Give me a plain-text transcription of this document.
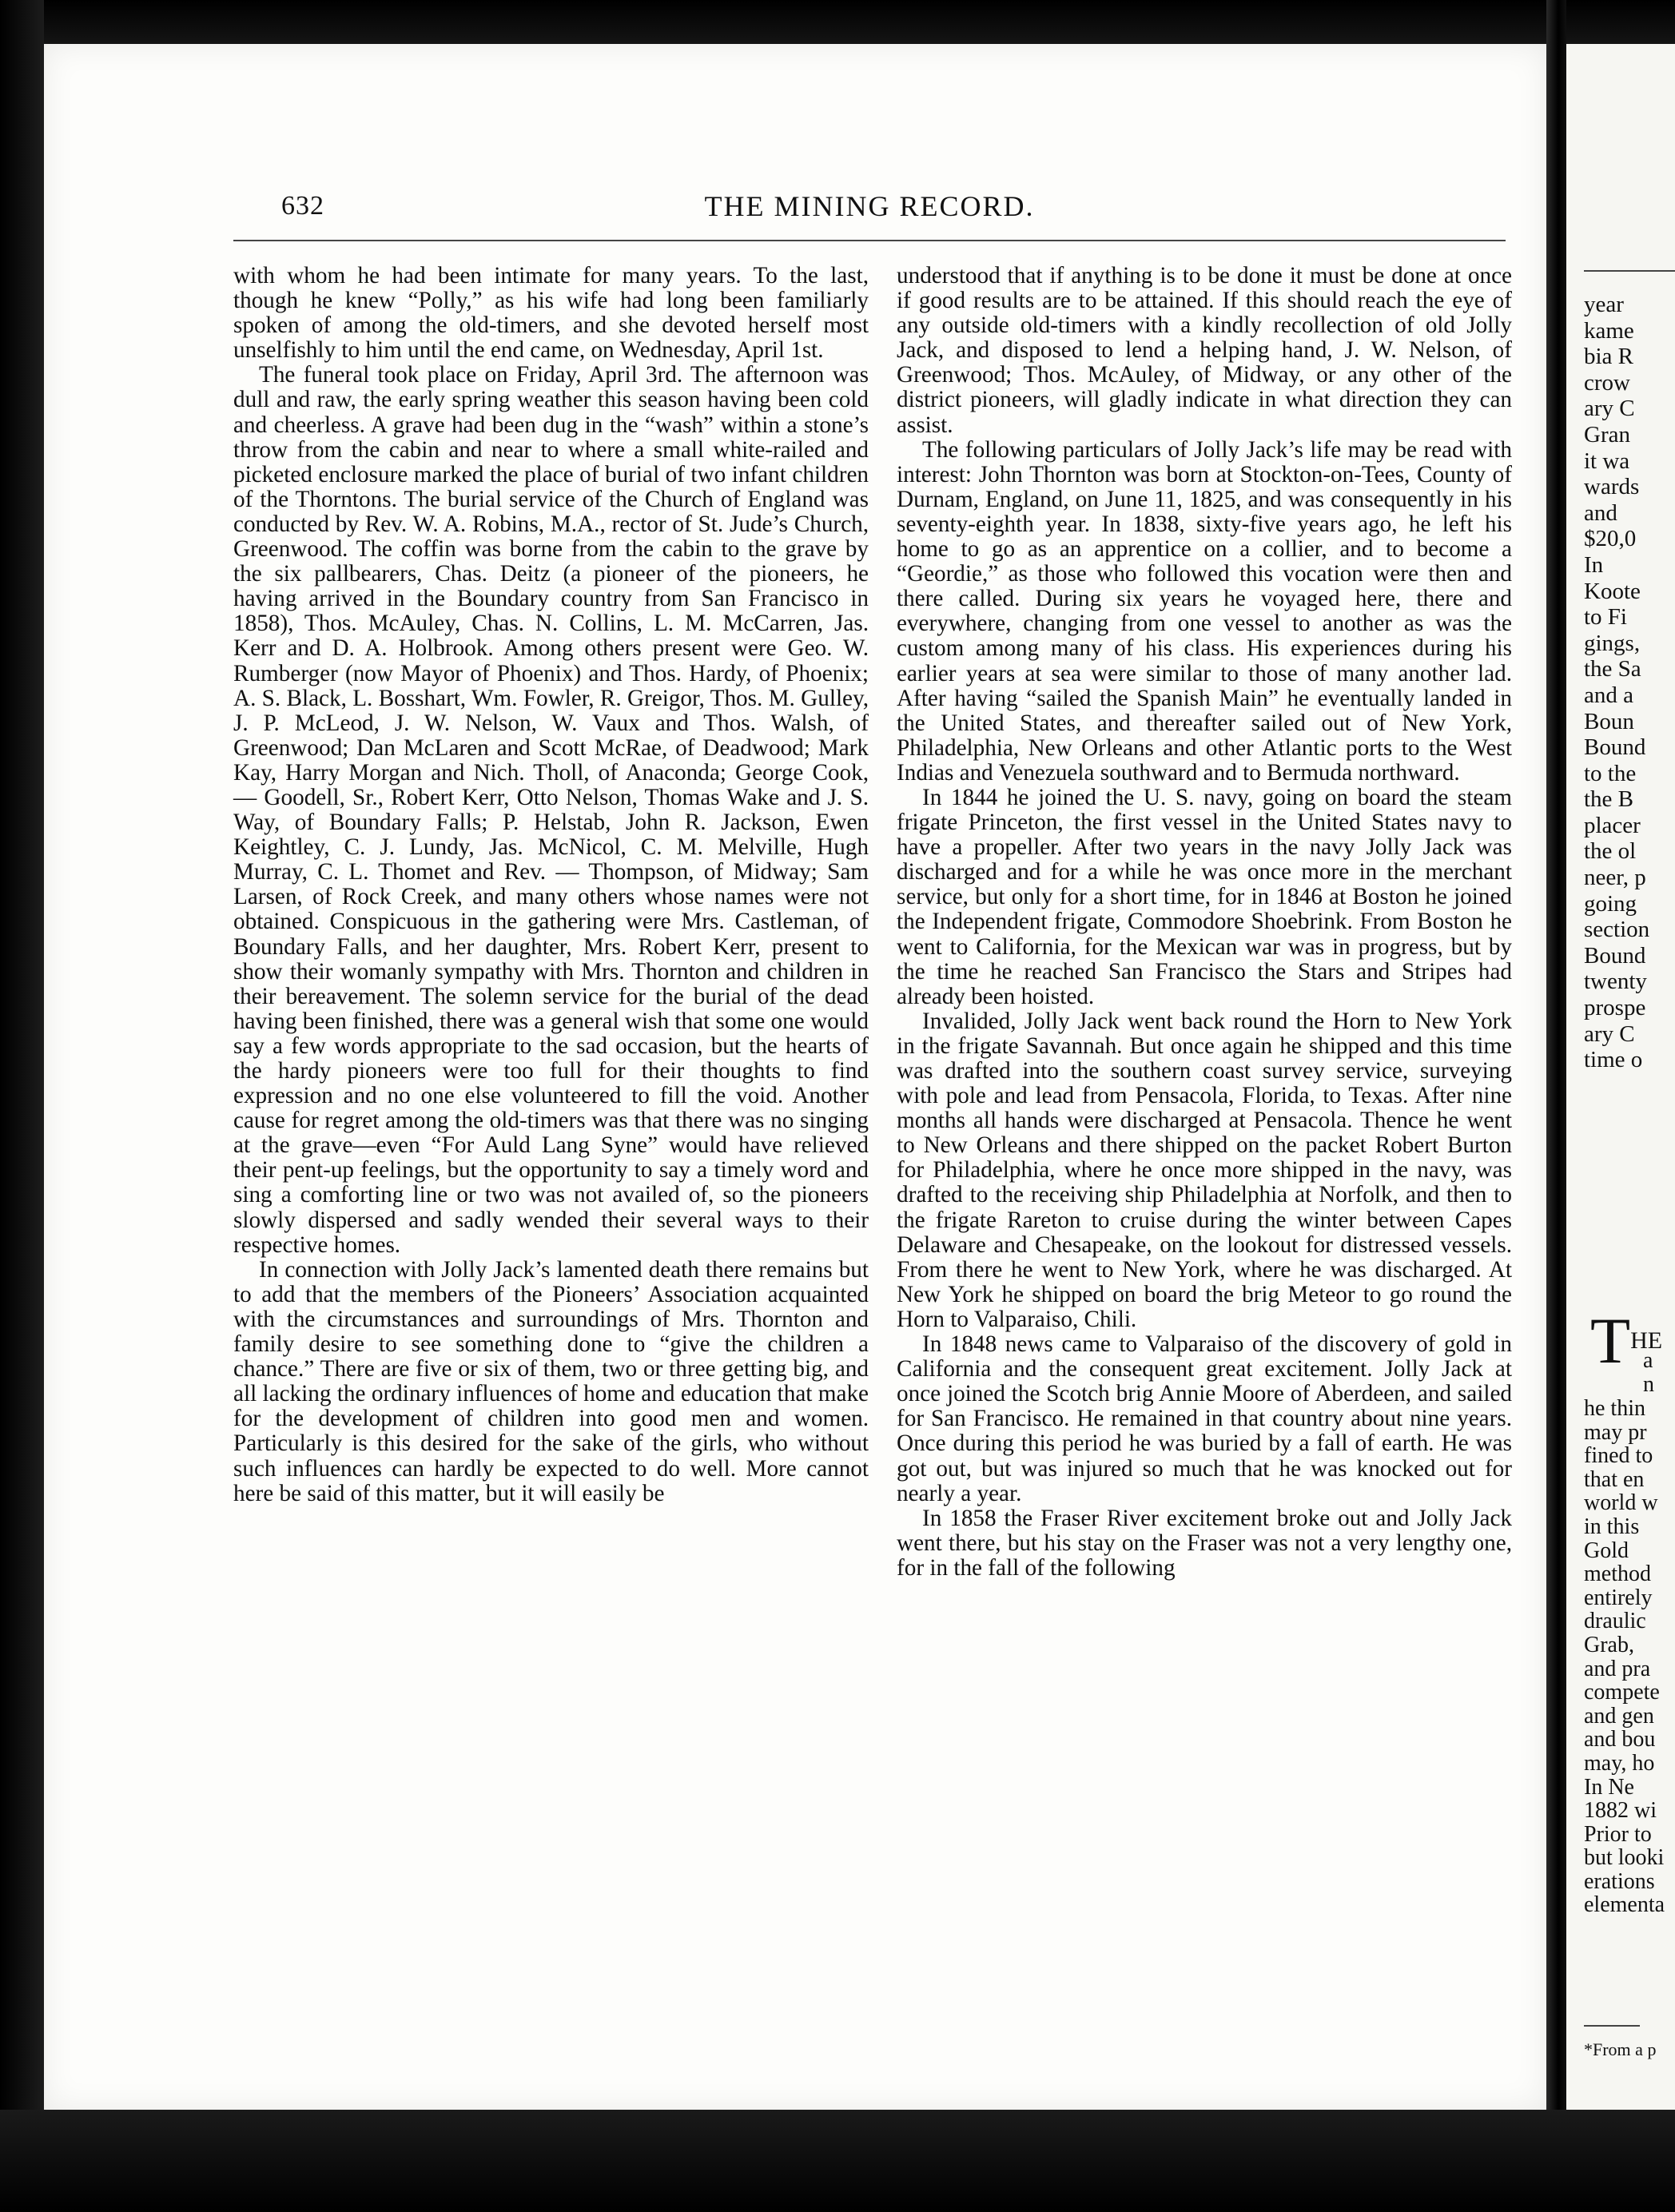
632	THE MINING RECORD.

with whom he had been intimate for many years. To the last, though he knew “Polly,” as his wife had long been familiarly spoken of among the old-timers, and she devoted herself most unselfishly to him until the end came, on Wednesday, April 1st.

The funeral took place on Friday, April 3rd. The afternoon was dull and raw, the early spring weather this season having been cold and cheerless. A grave had been dug in the “wash” within a stone’s throw from the cabin and near to where a small white-railed and picketed enclosure marked the place of burial of two infant children of the Thorntons. The burial service of the Church of England was conducted by Rev. W. A. Robins, M.A., rector of St. Jude’s Church, Greenwood. The coffin was borne from the cabin to the grave by the six pallbearers, Chas. Deitz (a pioneer of the pioneers, he having arrived in the Boundary country from San Francisco in 1858), Thos. McAuley, Chas. N. Collins, L. M. McCarren, Jas. Kerr and D. A. Holbrook. Among others present were Geo. W. Rumberger (now Mayor of Phoenix) and Thos. Hardy, of Phoenix; A. S. Black, L. Bosshart, Wm. Fowler, R. Greigor, Thos. M. Gulley, J. P. McLeod, J. W. Nelson, W. Vaux and Thos. Walsh, of Greenwood; Dan McLaren and Scott McRae, of Deadwood; Mark Kay, Harry Morgan and Nich. Tholl, of Anaconda; George Cook, — Goodell, Sr., Robert Kerr, Otto Nelson, Thomas Wake and J. S. Way, of Boundary Falls; P. Helstab, John R. Jackson, Ewen Keightley, C. J. Lundy, Jas. McNicol, C. M. Melville, Hugh Murray, C. L. Thomet and Rev. — Thompson, of Midway; Sam Larsen, of Rock Creek, and many others whose names were not obtained. Conspicuous in the gathering were Mrs. Castleman, of Boundary Falls, and her daughter, Mrs. Robert Kerr, present to show their womanly sympathy with Mrs. Thornton and children in their bereavement. The solemn service for the burial of the dead having been finished, there was a general wish that some one would say a few words appropriate to the sad occasion, but the hearts of the hardy pioneers were too full for their thoughts to find expression and no one else volunteered to fill the void. Another cause for regret among the old-timers was that there was no singing at the grave—even “For Auld Lang Syne” would have relieved their pent-up feelings, but the opportunity to say a timely word and sing a comforting line or two was not availed of, so the pioneers slowly dispersed and sadly wended their several ways to their respective homes.

In connection with Jolly Jack’s lamented death there remains but to add that the members of the Pioneers’ Association acquainted with the circumstances and surroundings of Mrs. Thornton and family desire to see something done to “give the children a chance.” There are five or six of them, two or three getting big, and all lacking the ordinary influences of home and education that make for the development of children into good men and women. Particularly is this desired for the sake of the girls, who without such influences can hardly be expected to do well. More cannot here be said of this matter, but it will easily be

understood that if anything is to be done it must be done at once if good results are to be attained. If this should reach the eye of any outside old-timers with a kindly recollection of old Jolly Jack, and disposed to lend a helping hand, J. W. Nelson, of Greenwood; Thos. McAuley, of Midway, or any other of the district pioneers, will gladly indicate in what direction they can assist.

The following particulars of Jolly Jack’s life may be read with interest: John Thornton was born at Stockton-on-Tees, County of Durnam, England, on June 11, 1825, and was consequently in his seventy-eighth year. In 1838, sixty-five years ago, he left his home to go as an apprentice on a collier, and to become a “Geordie,” as those who followed this vocation were then and there called. During six years he voyaged here, there and everywhere, changing from one vessel to another as was the custom among many of his class. His experiences during his earlier years at sea were similar to those of many another lad. After having “sailed the Spanish Main” he eventually landed in the United States, and thereafter sailed out of New York, Philadelphia, New Orleans and other Atlantic ports to the West Indias and Venezuela southward and to Bermuda northward.

In 1844 he joined the U. S. navy, going on board the steam frigate Princeton, the first vessel in the United States navy to have a propeller. After two years in the navy Jolly Jack was discharged and for a while he was once more in the merchant service, but only for a short time, for in 1846 at Boston he joined the Independent frigate, Commodore Shoebrink. From Boston he went to California, for the Mexican war was in progress, but by the time he reached San Francisco the Stars and Stripes had already been hoisted.

Invalided, Jolly Jack went back round the Horn to New York in the frigate Savannah. But once again he shipped and this time was drafted into the southern coast survey service, surveying with pole and lead from Pensacola, Florida, to Texas. After nine months all hands were discharged at Pensacola. Thence he went to New Orleans and there shipped on the packet Robert Burton for Philadelphia, where he once more shipped in the navy, was drafted to the receiving ship Philadelphia at Norfolk, and then to the frigate Rareton to cruise during the winter between Capes Delaware and Chesapeake, on the lookout for distressed vessels. From there he went to New York, where he was discharged. At New York he shipped on board the brig Meteor to go round the Horn to Valparaiso, Chili.

In 1848 news came to Valparaiso of the discovery of gold in California and the consequent great excitement. Jolly Jack at once joined the Scotch brig Annie Moore of Aberdeen, and sailed for San Francisco. He remained in that country about nine years. Once during this period he was buried by a fall of earth. He was got out, but was injured so much that he was knocked out for nearly a year.

In 1858 the Fraser River excitement broke out and Jolly Jack went there, but his stay on the Fraser was not a very lengthy one, for in the fall of the following

year
kame
bia R
crow
ary C
Gran
it wa
wards
and
$20,0
In
Koote
to Fi
gings,
the Sa
and a
Boun
Bound
to the
the B
placer
the ol
neer, p
going
section
Bound
twenty
prospe
ary C
time o
$T^{HE}$
a
n
he thin
may pr
fined to
that en
world w
in this
Gold
method
entirely
draulic
Grab,
and pra
compete
and gen
and bou
may, ho
In Ne
1882 wi
Prior to
but looki
erations
elementa
*From a p
